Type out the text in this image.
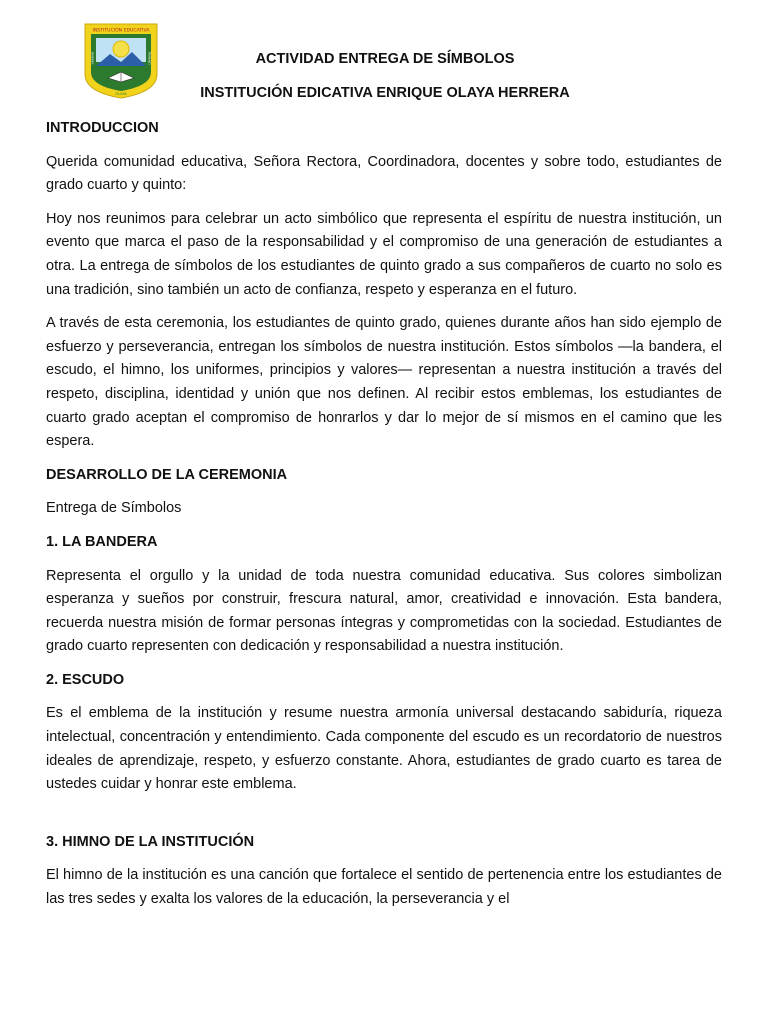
INSTITUCIÓN EDUCATIVA
VERDAD	TRABAJO
OLAYA
ACTIVIDAD ENTREGA DE SÍMBOLOS
INSTITUCIÓN EDICATIVA ENRIQUE OLAYA HERRERA
INTRODUCCION

Querida comunidad educativa, Señora Rectora, Coordinadora, docentes y sobre todo, estudiantes de grado cuarto y quinto:

Hoy nos reunimos para celebrar un acto simbólico que representa el espíritu de nuestra institución, un evento que marca el paso de la responsabilidad y el compromiso de una generación de estudiantes a otra. La entrega de símbolos de los estudiantes de quinto grado a sus compañeros de cuarto no solo es una tradición, sino también un acto de confianza, respeto y esperanza en el futuro.

A través de esta ceremonia, los estudiantes de quinto grado, quienes durante años han sido ejemplo de esfuerzo y perseverancia, entregan los símbolos de nuestra institución. Estos símbolos —la bandera, el escudo, el himno, los uniformes, principios y valores— representan a nuestra institución a través del respeto, disciplina, identidad y unión que nos definen. Al recibir estos emblemas, los estudiantes de cuarto grado aceptan el compromiso de honrarlos y dar lo mejor de sí mismos en el camino que les espera.

DESARROLLO DE LA CEREMONIA

Entrega de Símbolos

1. LA BANDERA

Representa el orgullo y la unidad de toda nuestra comunidad educativa. Sus colores simbolizan esperanza y sueños por construir, frescura natural, amor, creatividad e innovación. Esta bandera, recuerda nuestra misión de formar personas íntegras y comprometidas con la sociedad. Estudiantes de grado cuarto representen con dedicación y responsabilidad a nuestra institución.

2. ESCUDO

Es el emblema de la institución y resume nuestra armonía universal destacando sabiduría, riqueza intelectual, concentración y entendimiento. Cada componente del escudo es un recordatorio de nuestros ideales de aprendizaje, respeto, y esfuerzo constante. Ahora, estudiantes de grado cuarto es tarea de ustedes cuidar y honrar este emblema.

3. HIMNO DE LA INSTITUCIÓN

El himno de la institución es una canción que fortalece el sentido de pertenencia entre los estudiantes de las tres sedes y exalta los valores de la educación, la perseverancia y el
